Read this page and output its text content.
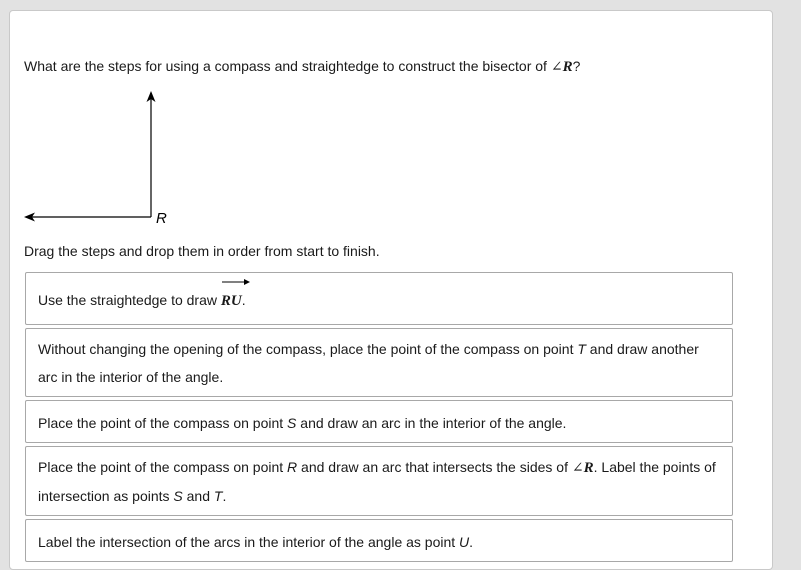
What are the steps for using a compass and straightedge to construct the bisector of ∠R?
R
Drag the steps and drop them in order from start to finish.
Use the straightedge to draw
RU.
Without changing the opening of the compass, place the point of the compass on point T and draw another arc in the interior of the angle.
Place the point of the compass on point S and draw an arc in the interior of the angle.
Place the point of the compass on point R and draw an arc that intersects the sides of ∠R. Label the points of intersection as points S and T.
Label the intersection of the arcs in the interior of the angle as point U.
